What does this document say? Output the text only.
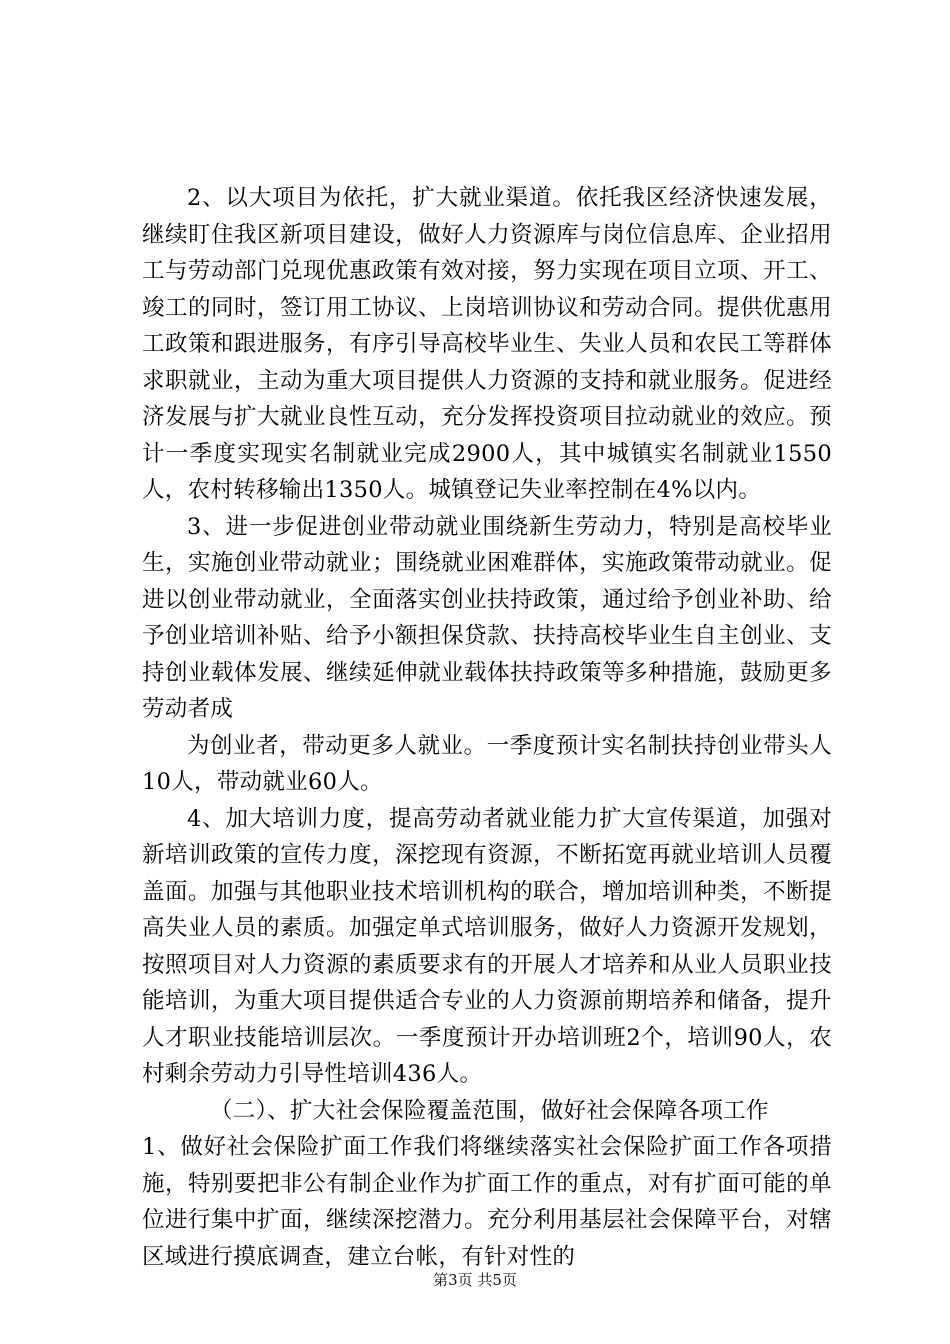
2、以大项目为依托，扩大就业渠道。依托我区经济快速发展，继续盯住我区新项目建设，做好人力资源库与岗位信息库、企业招用工与劳动部门兑现优惠政策有效对接，努力实现在项目立项、开工、竣工的同时，签订用工协议、上岗培训协议和劳动合同。提供优惠用工政策和跟进服务，有序引导高校毕业生、失业人员和农民工等群体求职就业，主动为重大项目提供人力资源的支持和就业服务。促进经济发展与扩大就业良性互动，充分发挥投资项目拉动就业的效应。预计一季度实现实名制就业完成2900人，其中城镇实名制就业1550人，农村转移输出1350人。城镇登记失业率控制在4%以内。

3、进一步促进创业带动就业围绕新生劳动力，特别是高校毕业生，实施创业带动就业；围绕就业困难群体，实施政策带动就业。促进以创业带动就业，全面落实创业扶持政策，通过给予创业补助、给予创业培训补贴、给予小额担保贷款、扶持高校毕业生自主创业、支持创业载体发展、继续延伸就业载体扶持政策等多种措施，鼓励更多劳动者成

为创业者，带动更多人就业。一季度预计实名制扶持创业带头人10人，带动就业60人。

4、加大培训力度，提高劳动者就业能力扩大宣传渠道，加强对新培训政策的宣传力度，深挖现有资源，不断拓宽再就业培训人员覆盖面。加强与其他职业技术培训机构的联合，增加培训种类，不断提高失业人员的素质。加强定单式培训服务，做好人力资源开发规划，按照项目对人力资源的素质要求有的开展人才培养和从业人员职业技能培训，为重大项目提供适合专业的人力资源前期培养和储备，提升人才职业技能培训层次。一季度预计开办培训班2个，培训90人，农村剩余劳动力引导性培训436人。

（二）、扩大社会保险覆盖范围，做好社会保障各项工作

1、做好社会保险扩面工作我们将继续落实社会保险扩面工作各项措施，特别要把非公有制企业作为扩面工作的重点，对有扩面可能的单位进行集中扩面，继续深挖潜力。充分利用基层社会保障平台，对辖区域进行摸底调查，建立台帐，有针对性的

第3页 共5页
